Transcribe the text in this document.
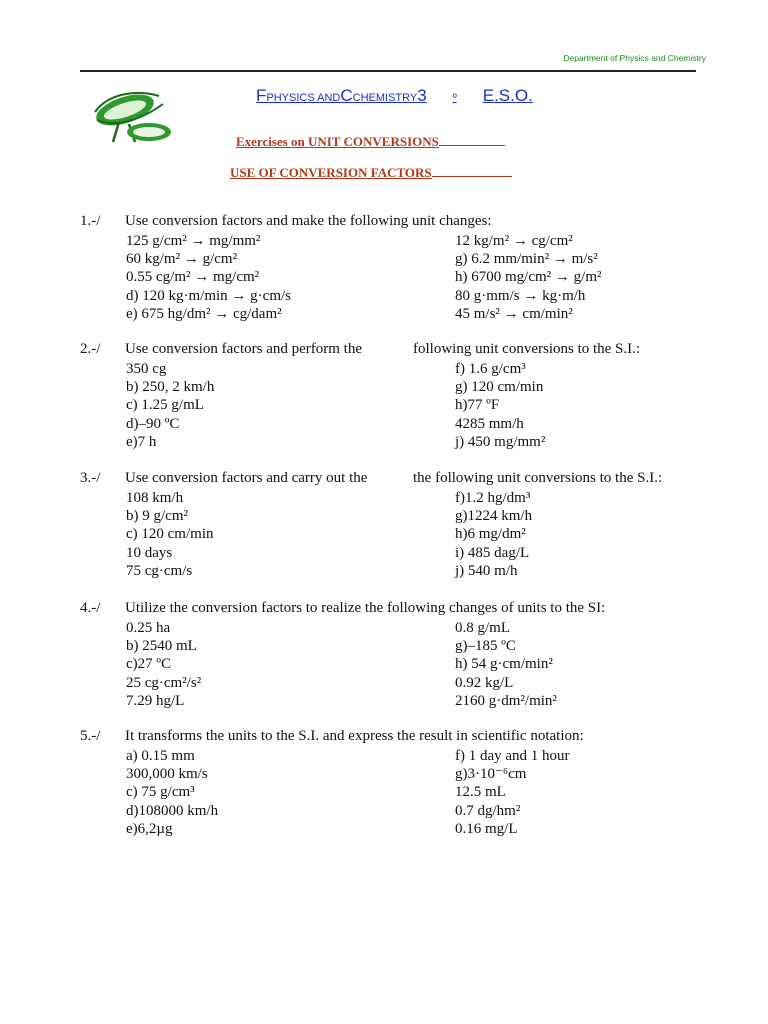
Department of Physics and Chemistry
FPHYSICS ANDCCHEMISTRY3 º E.S.O.
Exercises on UNIT CONVERSIONS
USE OF CONVERSION FACTORS
1.-/ Use conversion factors and make the following unit changes:
125 g/cm² → mg/mm²
60 kg/m² → g/cm²
0.55 cg/m² → mg/cm²
d) 120 kg·m/min → g·cm/s
e) 675 hg/dm² → cg/dam²
12 kg/m² → cg/cm²
g) 6.2 mm/min² → m/s²
h) 6700 mg/cm² → g/m²
80 g·mm/s → kg·m/h
45 m/s² → cm/min²
2.-/ Use conversion factors and perform the	following unit conversions to the S.I.:
350 cg
b) 250, 2 km/h
c) 1.25 g/mL
d)–90 ºC
e)7 h
f) 1.6 g/cm³
g) 120 cm/min
h)77 ºF
4285 mm/h
j) 450 mg/mm²
3.-/ Use conversion factors and carry out the	the following unit conversions to the S.I.:
108 km/h
b) 9 g/cm²
c) 120 cm/min
10 days
75 cg·cm/s
f)1.2 hg/dm³
g)1224 km/h
h)6 mg/dm²
i) 485 dag/L
j) 540 m/h
4.-/ Utilize the conversion factors to realize the following changes of units to the SI:
0.25 ha
b) 2540 mL
c)27 ºC
25 cg·cm²/s²
7.29 hg/L
0.8 g/mL
g)–185 ºC
h) 54 g·cm/min²
0.92 kg/L
2160 g·dm²/min²
5.-/ It transforms the units to the S.I. and express the result in scientific notation:
a) 0.15 mm
300,000 km/s
c) 75 g/cm³
d)108000 km/h
e)6,2µg
f) 1 day and 1 hour
g)3·10⁻⁶cm
12.5 mL
0.7 dg/hm²
0.16 mg/L
